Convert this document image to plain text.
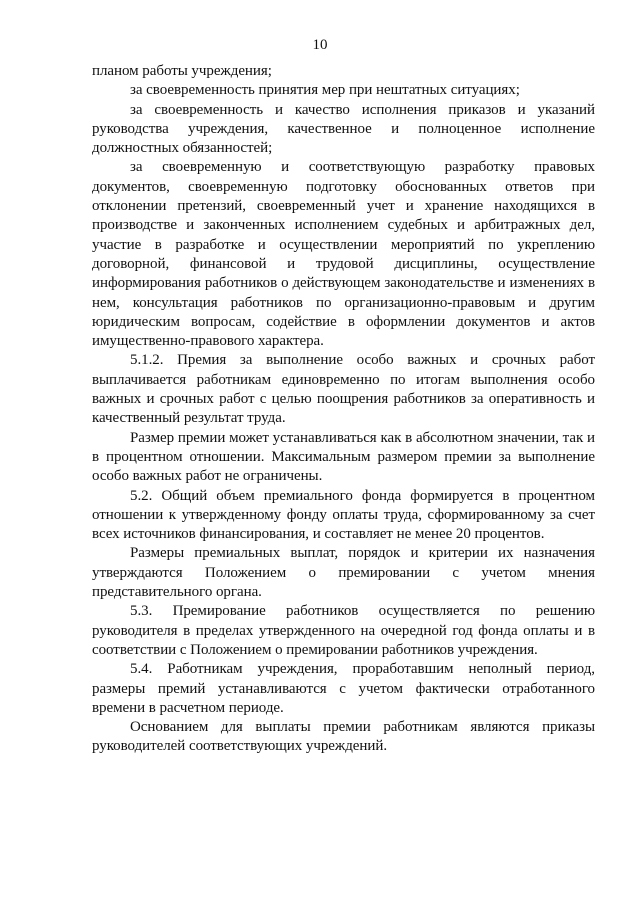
10

планом работы учреждения;

за своевременность принятия мер при нештатных ситуациях;

за своевременность и качество исполнения приказов и указаний руководства учреждения, качественное и полноценное исполнение должностных обязанностей;

за своевременную и соответствующую разработку правовых документов, своевременную подготовку обоснованных ответов при отклонении претензий, своевременный учет и хранение находящихся в производстве и законченных исполнением судебных и арбитражных дел, участие в разработке и осуществлении мероприятий по укреплению договорной, финансовой и трудовой дисциплины, осуществление информирования работников о действующем законодательстве и изменениях в нем, консультация работников по организационно-правовым и другим юридическим вопросам, содействие в оформлении документов и актов имущественно-правового характера.

5.1.2. Премия за выполнение особо важных и срочных работ выплачивается работникам единовременно по итогам выполнения особо важных и срочных работ с целью поощрения работников за оперативность и качественный результат труда.

Размер премии может устанавливаться как в абсолютном значении, так и в процентном отношении. Максимальным размером премии за выполнение особо важных работ не ограничены.

5.2. Общий объем премиального фонда формируется в процентном отношении к утвержденному фонду оплаты труда, сформированному за счет всех источников финансирования, и составляет не менее 20 процентов.

Размеры премиальных выплат, порядок и критерии их назначения утверждаются Положением о премировании с учетом мнения представительного органа.

5.3. Премирование работников осуществляется по решению руководителя в пределах утвержденного на очередной год фонда оплаты и в соответствии с Положением о премировании работников учреждения.

5.4. Работникам учреждения, проработавшим неполный период, размеры премий устанавливаются с учетом фактически отработанного времени в расчетном периоде.

Основанием для выплаты премии работникам являются приказы руководителей соответствующих учреждений.
